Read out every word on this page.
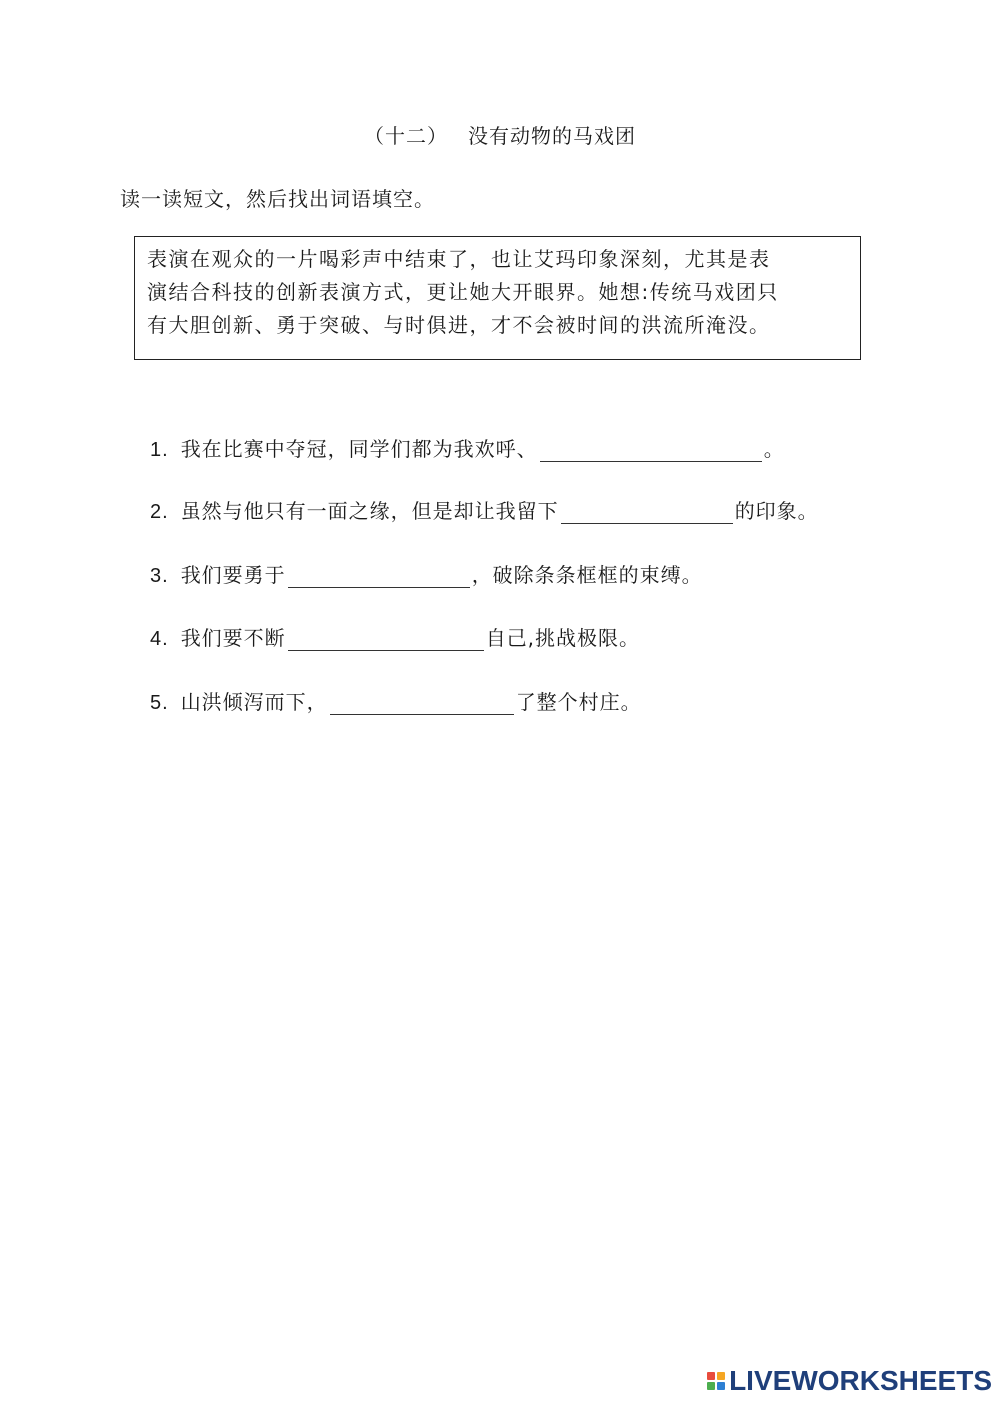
（十二） 没有动物的马戏团
读一读短文，然后找出词语填空。
表演在观众的一片喝彩声中结束了，也让艾玛印象深刻，尤其是表
演结合科技的创新表演方式，更让她大开眼界。她想:传统马戏团只
有大胆创新、勇于突破、与时俱进，才不会被时间的洪流所淹没。
1. 我在比赛中夺冠，同学们都为我欢呼、	。
2. 虽然与他只有一面之缘，但是却让我留下	的印象。
3. 我们要勇于	，破除条条框框的束缚。
4. 我们要不断	自己,挑战极限。
5. 山洪倾泻而下，	了整个村庄。
LIVEWORKSHEETS
